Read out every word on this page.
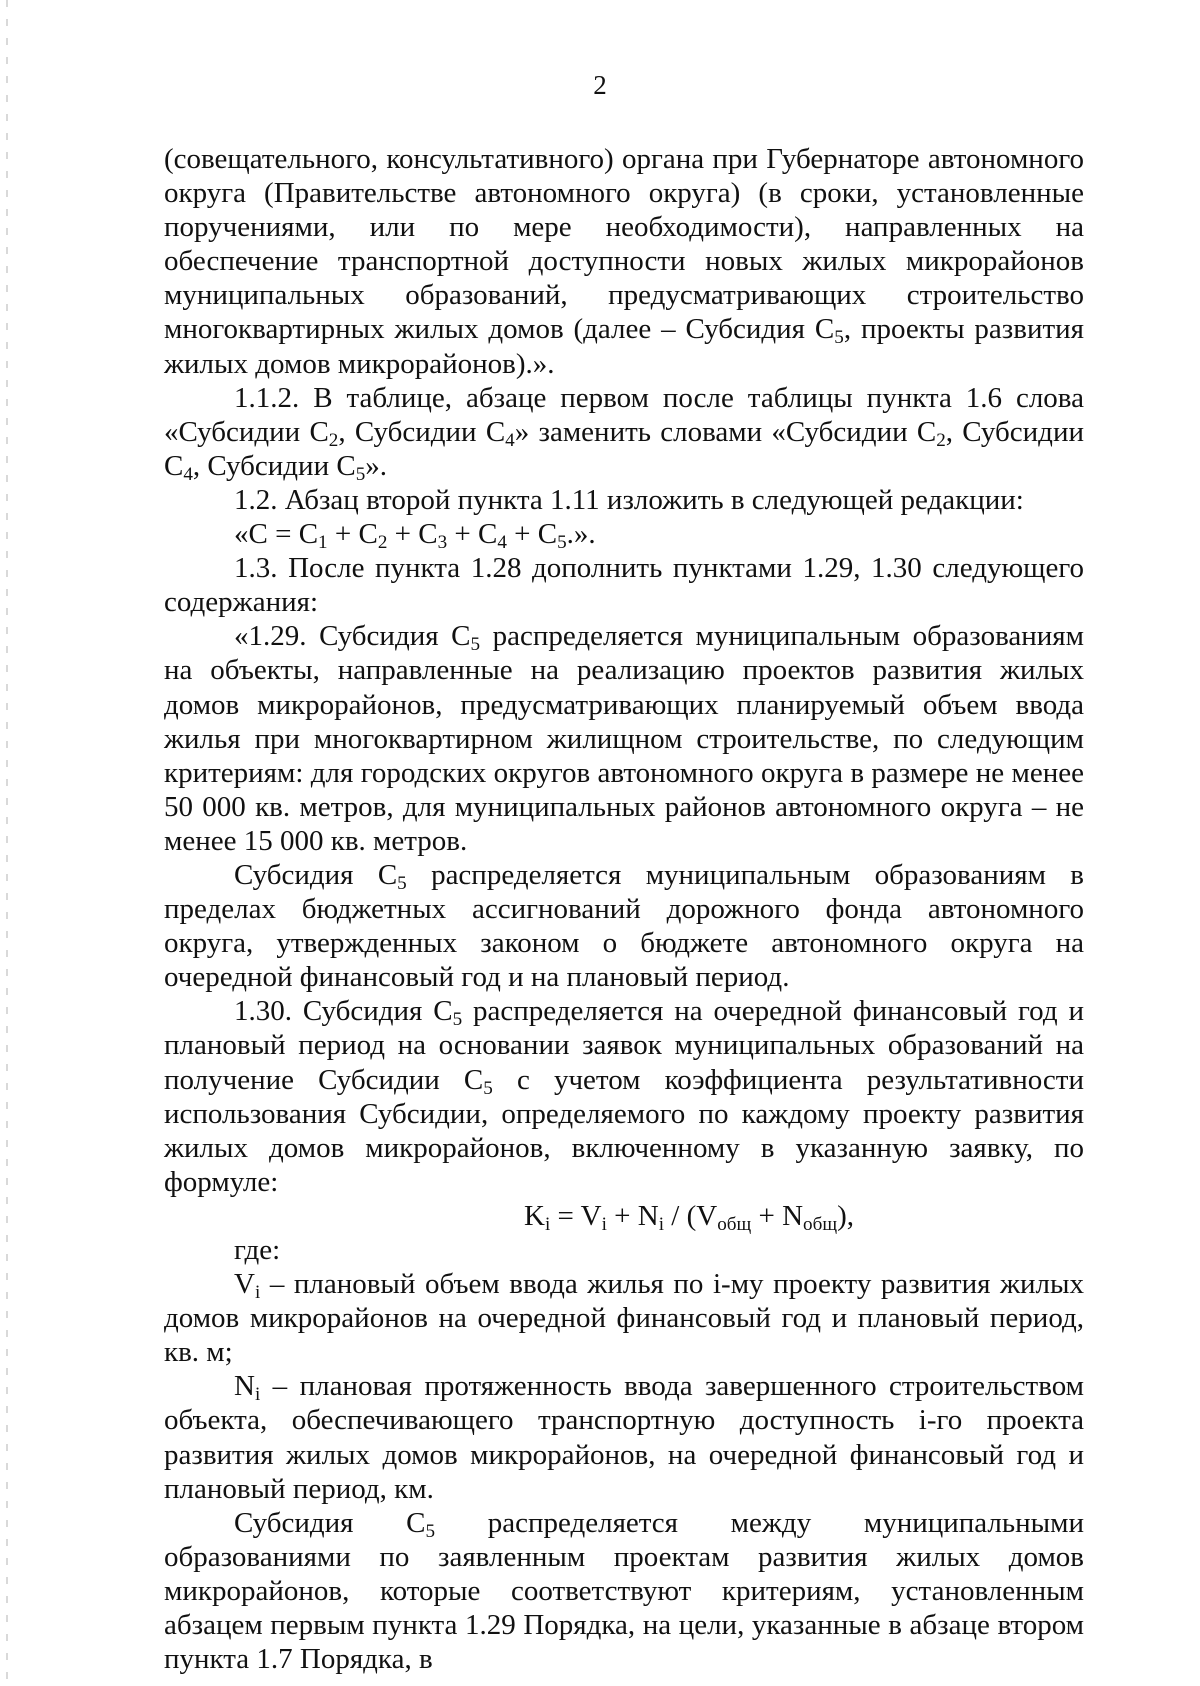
2

(совещательного, консультативного) органа при Губернаторе автономного округа (Правительстве автономного округа) (в сроки, установленные поручениями, или по мере необходимости), направленных на обеспечение транспортной доступности новых жилых микрорайонов муниципальных образований, предусматривающих строительство многоквартирных жилых домов (далее – Субсидия $С_5$, проекты развития жилых домов микрорайонов).».

1.1.2. В таблице, абзаце первом после таблицы пункта 1.6 слова «Субсидии $С_2$, Субсидии $С_4$» заменить словами «Субсидии $С_2$, Субсидии $С_4$, Субсидии $С_5$».

1.2. Абзац второй пункта 1.11 изложить в следующей редакции:

«$С = С_1 + С_2 + С_3 + С_4 + С_5$.».

1.3. После пункта 1.28 дополнить пунктами 1.29, 1.30 следующего содержания:

«1.29. Субсидия $С_5$ распределяется муниципальным образованиям на объекты, направленные на реализацию проектов развития жилых домов микрорайонов, предусматривающих планируемый объем ввода жилья при многоквартирном жилищном строительстве, по следующим критериям: для городских округов автономного округа в размере не менее 50 000 кв. метров, для муниципальных районов автономного округа – не менее 15 000 кв. метров.

Субсидия $С_5$ распределяется муниципальным образованиям в пределах бюджетных ассигнований дорожного фонда автономного округа, утвержденных законом о бюджете автономного округа на очередной финансовый год и на плановый период.

1.30. Субсидия $С_5$ распределяется на очередной финансовый год и плановый период на основании заявок муниципальных образований на получение Субсидии $С_5$ с учетом коэффициента результативности использования Субсидии, определяемого по каждому проекту развития жилых домов микрорайонов, включенному в указанную заявку, по формуле:

$K_i = V_i + N_i / (V_{общ} + N_{общ})$,

где:

$V_i$ – плановый объем ввода жилья по i-му проекту развития жилых домов микрорайонов на очередной финансовый год и плановый период, кв. м;

$N_i$ – плановая протяженность ввода завершенного строительством объекта, обеспечивающего транспортную доступность i-го проекта развития жилых домов микрорайонов, на очередной финансовый год и плановый период, км.

Субсидия $С_5$ распределяется между муниципальными образованиями по заявленным проектам развития жилых домов микрорайонов, которые соответствуют критериям, установленным абзацем первым пункта 1.29 Порядка, на цели, указанные в абзаце втором пункта 1.7 Порядка, в
